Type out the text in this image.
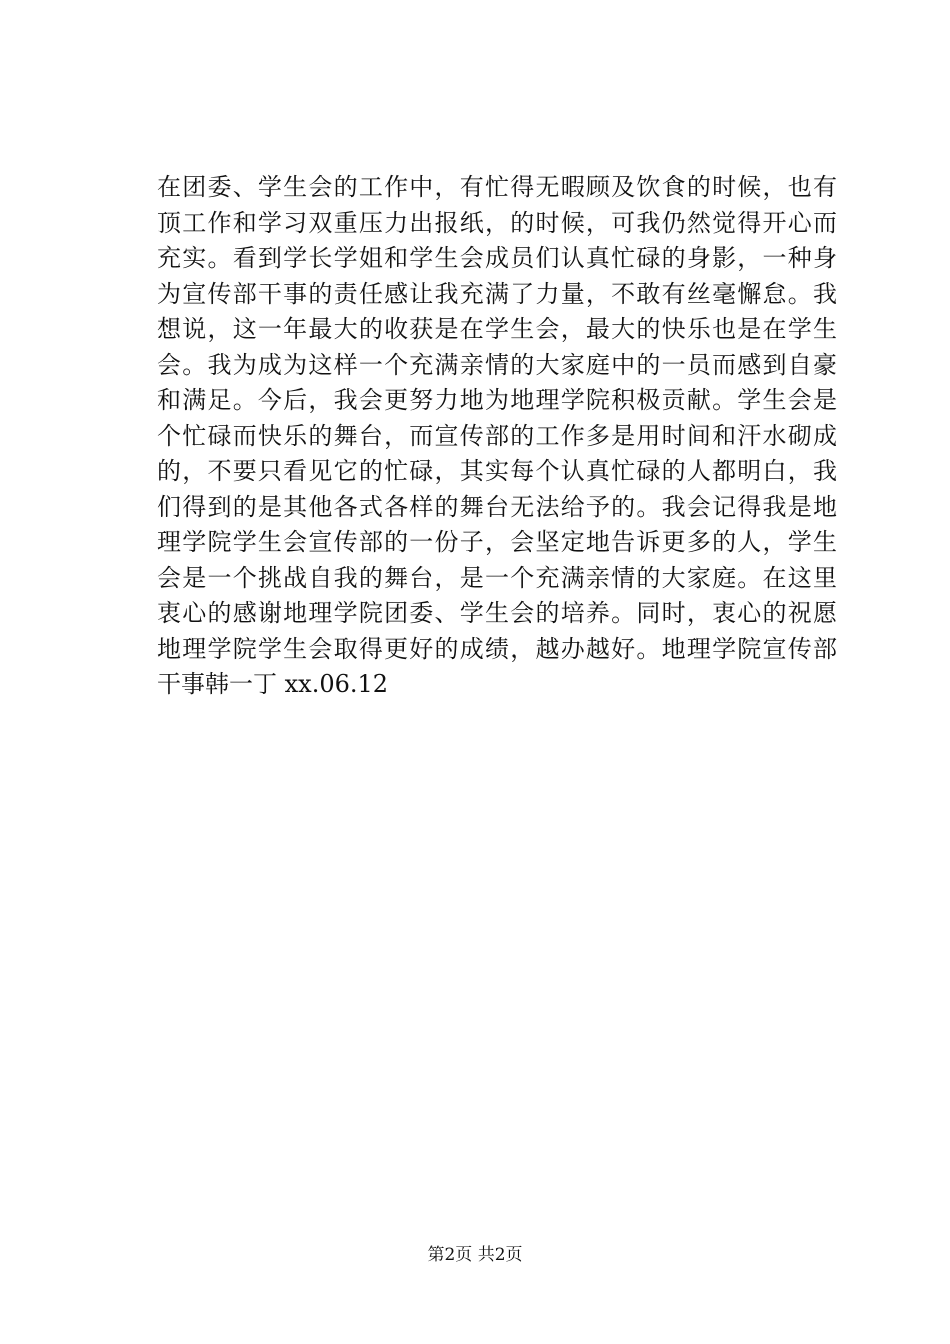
在团委、学生会的工作中，有忙得无暇顾及饮食的时候，也有
顶工作和学习双重压力出报纸，的时候，可我仍然觉得开心而
充实。看到学长学姐和学生会成员们认真忙碌的身影，一种身
为宣传部干事的责任感让我充满了力量，不敢有丝毫懈怠。我
想说，这一年最大的收获是在学生会，最大的快乐也是在学生
会。我为成为这样一个充满亲情的大家庭中的一员而感到自豪
和满足。今后，我会更努力地为地理学院积极贡献。学生会是
个忙碌而快乐的舞台，而宣传部的工作多是用时间和汗水砌成
的，不要只看见它的忙碌，其实每个认真忙碌的人都明白，我
们得到的是其他各式各样的舞台无法给予的。我会记得我是地
理学院学生会宣传部的一份子，会坚定地告诉更多的人，学生
会是一个挑战自我的舞台，是一个充满亲情的大家庭。在这里
衷心的感谢地理学院团委、学生会的培养。同时，衷心的祝愿
地理学院学生会取得更好的成绩，越办越好。地理学院宣传部
干事韩一丁 xx.06.12
第2页 共2页
